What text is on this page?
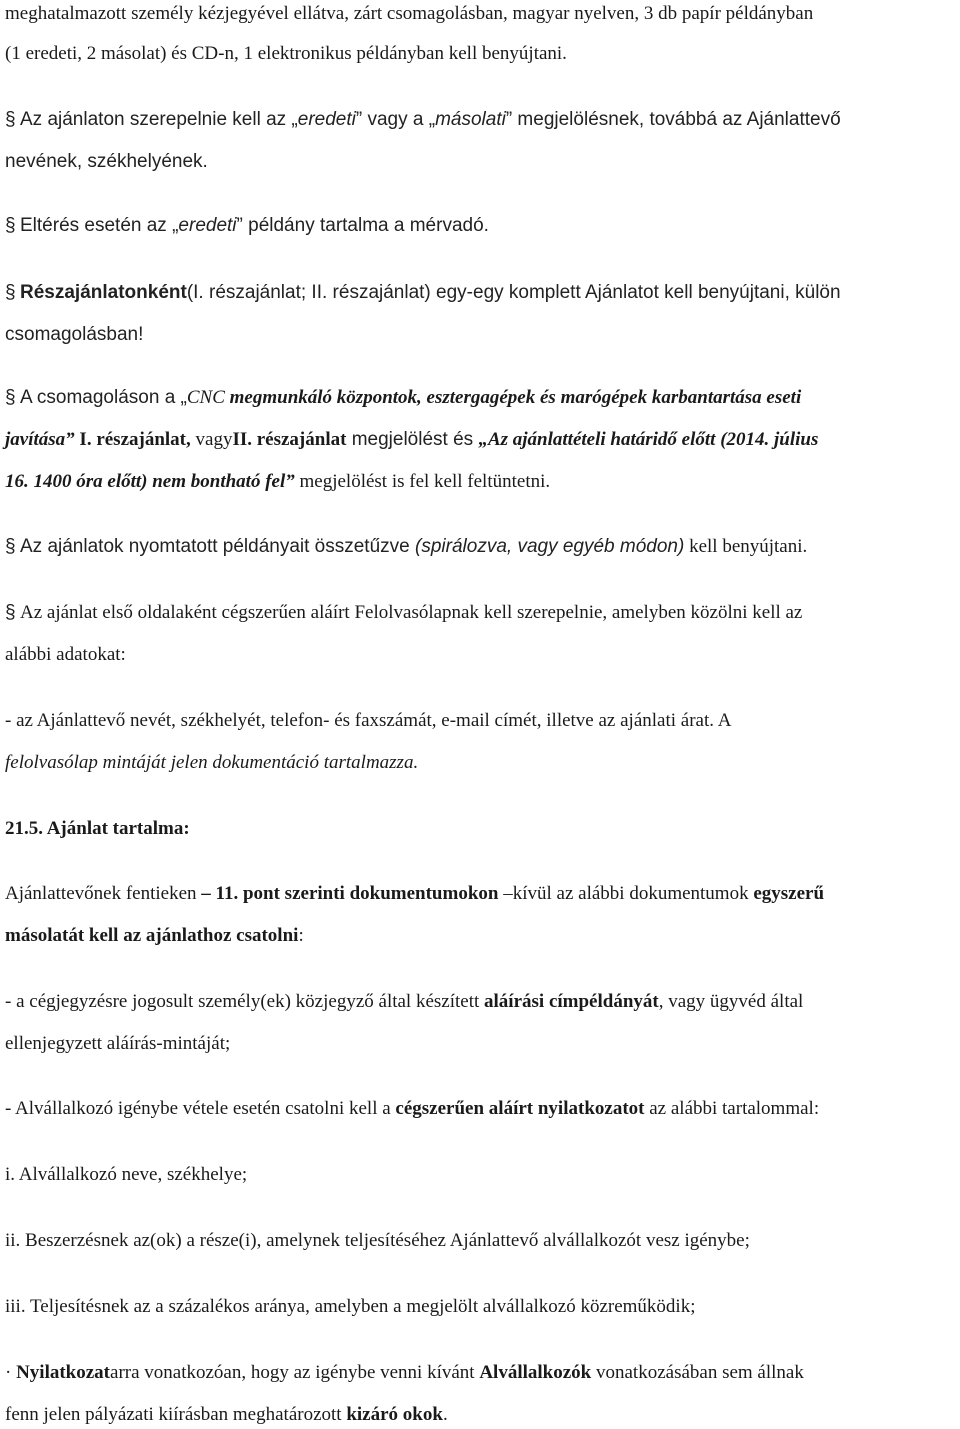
meghatalmazott személy kézjegyével ellátva, zárt csomagolásban, magyar nyelven, 3 db papír példányban
(1 eredeti, 2 másolat) és CD-n, 1 elektronikus példányban kell benyújtani.
§ Az ajánlaton szerepelnie kell az „eredeti” vagy a „másolati” megjelölésnek, továbbá az Ajánlattevő
nevének, székhelyének.
§ Eltérés esetén az „eredeti” példány tartalma a mérvadó.
§ Részajánlatonként(I. részajánlat; II. részajánlat) egy-egy komplett Ajánlatot kell benyújtani, külön
csomagolásban!
§ A csomagoláson a „CNC megmunkáló központok, esztergagépek és marógépek karbantartása eseti
javítása” I. részajánlat, vagyII. részajánlat megjelölést és „Az ajánlattételi határidő előtt (2014. július
16. 1400 óra előtt) nem bontható fel” megjelölést is fel kell feltüntetni.
§ Az ajánlatok nyomtatott példányait összetűzve (spirálozva, vagy egyéb módon) kell benyújtani.
§ Az ajánlat első oldalaként cégszerűen aláírt Felolvasólapnak kell szerepelnie, amelyben közölni kell az
alábbi adatokat:
- az Ajánlattevő nevét, székhelyét, telefon- és faxszámát, e-mail címét, illetve az ajánlati árat. A
felolvasólap mintáját jelen dokumentáció tartalmazza.
21.5. Ajánlat tartalma:
Ajánlattevőnek fentieken – 11. pont szerinti dokumentumokon –kívül az alábbi dokumentumok egyszerű
másolatát kell az ajánlathoz csatolni:
- a cégjegyzésre jogosult személy(ek) közjegyző által készített aláírási címpéldányát, vagy ügyvéd által
ellenjegyzett aláírás-mintáját;
- Alvállalkozó igénybe vétele esetén csatolni kell a cégszerűen aláírt nyilatkozatot az alábbi tartalommal:
i. Alvállalkozó neve, székhelye;
ii. Beszerzésnek az(ok) a része(i), amelynek teljesítéséhez Ajánlattevő alvállalkozót vesz igénybe;
iii. Teljesítésnek az a százalékos aránya, amelyben a megjelölt alvállalkozó közreműködik;
· Nyilatkozatarra vonatkozóan, hogy az igénybe venni kívánt Alvállalkozók vonatkozásában sem állnak
fenn jelen pályázati kiírásban meghatározott kizáró okok.
